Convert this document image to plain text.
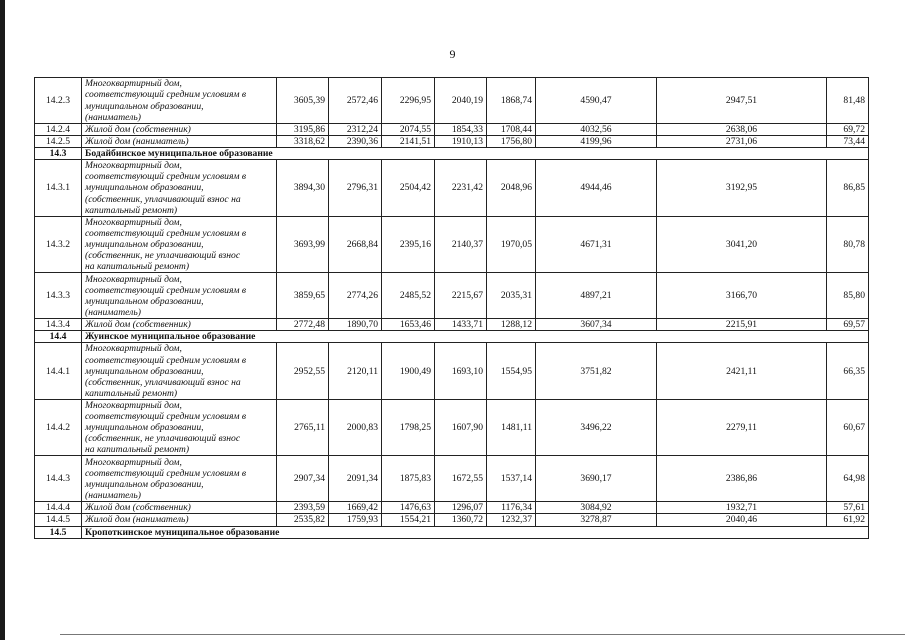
9
14.2.3	Многоквартирный дом,
соответствующий средним условиям в
муниципальном образовании,
(наниматель)	3605,39	2572,46	2296,95	2040,19	1868,74	4590,47	2947,51	81,48
14.2.4	Жилой дом (собственник)	3195,86	2312,24	2074,55	1854,33	1708,44	4032,56	2638,06	69,72
14.2.5	Жилой дом (наниматель)	3318,62	2390,36	2141,51	1910,13	1756,80	4199,96	2731,06	73,44
14.3	Бодайбинское муниципальное образование								
14.3.1	Многоквартирный дом,
соответствующий средним условиям в
муниципальном образовании,
(собственник, уплачивающий взнос на
капитальный ремонт)	3894,30	2796,31	2504,42	2231,42	2048,96	4944,46	3192,95	86,85
14.3.2	Многоквартирный дом,
соответствующий средним условиям в
муниципальном образовании,
(собственник, не уплачивающий взнос
на капитальный ремонт)	3693,99	2668,84	2395,16	2140,37	1970,05	4671,31	3041,20	80,78
14.3.3	Многоквартирный дом,
соответствующий средним условиям в
муниципальном образовании,
(наниматель)	3859,65	2774,26	2485,52	2215,67	2035,31	4897,21	3166,70	85,80
14.3.4	Жилой дом (собственник)	2772,48	1890,70	1653,46	1433,71	1288,12	3607,34	2215,91	69,57
14.4	Жуинское муниципальное образование								
14.4.1	Многоквартирный дом,
соответствующий средним условиям в
муниципальном образовании,
(собственник, уплачивающий взнос на
капитальный ремонт)	2952,55	2120,11	1900,49	1693,10	1554,95	3751,82	2421,11	66,35
14.4.2	Многоквартирный дом,
соответствующий средним условиям в
муниципальном образовании,
(собственник, не уплачивающий взнос
на капитальный ремонт)	2765,11	2000,83	1798,25	1607,90	1481,11	3496,22	2279,11	60,67
14.4.3	Многоквартирный дом,
соответствующий средним условиям в
муниципальном образовании,
(наниматель)	2907,34	2091,34	1875,83	1672,55	1537,14	3690,17	2386,86	64,98
14.4.4	Жилой дом (собственник)	2393,59	1669,42	1476,63	1296,07	1176,34	3084,92	1932,71	57,61
14.4.5	Жилой дом (наниматель)	2535,82	1759,93	1554,21	1360,72	1232,37	3278,87	2040,46	61,92
14.5	Кропоткинское муниципальное образование								
